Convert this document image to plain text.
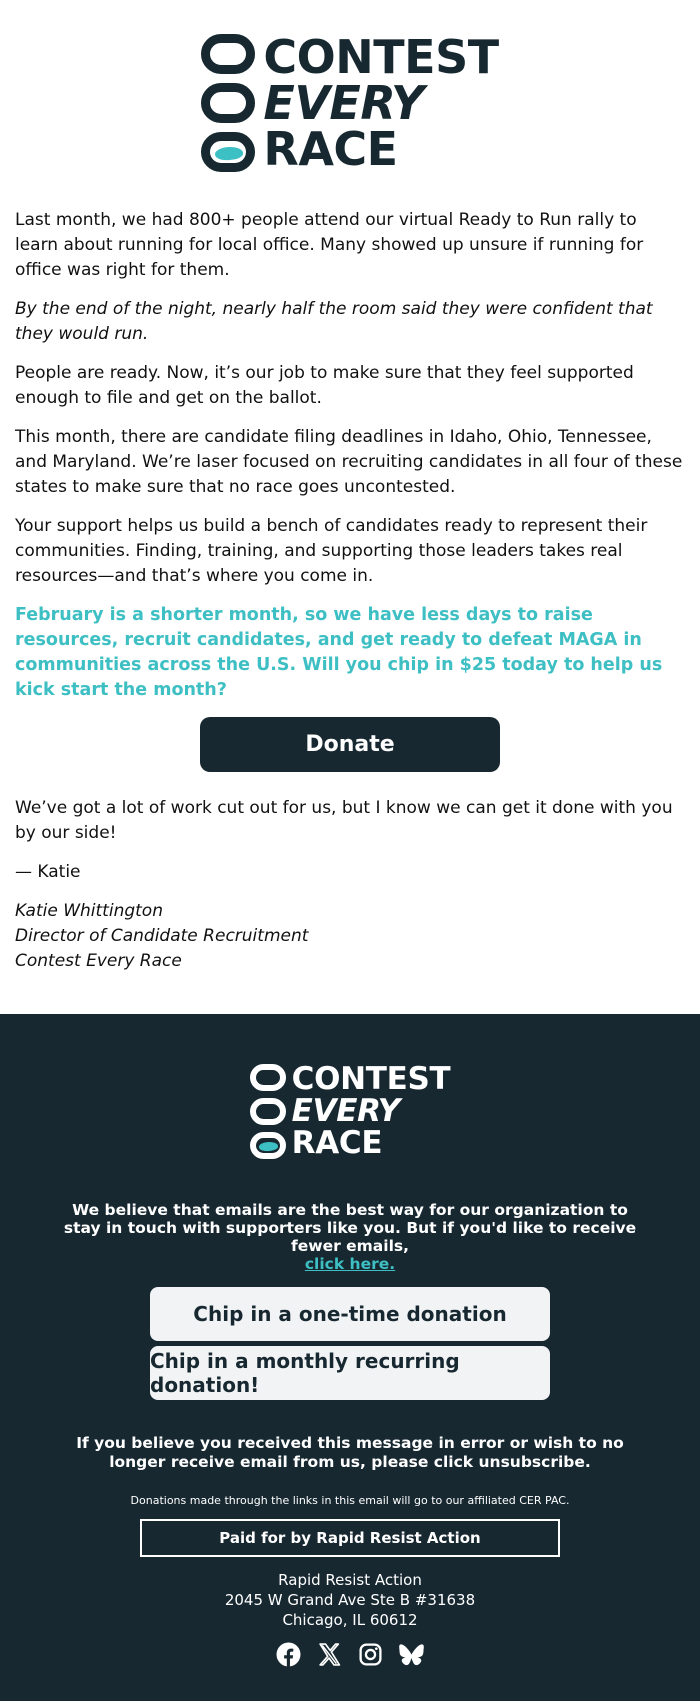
CONTEST
EVERY
RACE

Last month, we had 800+ people attend our virtual Ready to Run rally to learn about running for local office. Many showed up unsure if running for office was right for them.

By the end of the night, nearly half the room said they were confident that they would run.

People are ready. Now, it’s our job to make sure that they feel supported enough to file and get on the ballot.

This month, there are candidate filing deadlines in Idaho, Ohio, Tennessee, and Maryland. We’re laser focused on recruiting candidates in all four of these states to make sure that no race goes uncontested.

Your support helps us build a bench of candidates ready to represent their communities. Finding, training, and supporting those leaders takes real resources—and that’s where you come in.

February is a shorter month, so we have less days to raise resources, recruit candidates, and get ready to defeat MAGA in communities across the U.S. Will you chip in $25 today to help us kick start the month?

Donate

We’ve got a lot of work cut out for us, but I know we can get it done with you by our side!

— Katie

Katie Whittington
Director of Candidate Recruitment
Contest Every Race
CONTEST
EVERY
RACE
We believe that emails are the best way for our organization to stay in touch with supporters like you. But if you'd like to receive fewer emails,
click here.
Chip in a one-time donation
Chip in a monthly recurring donation!
If you believe you received this message in error or wish to no longer receive email from us, please click unsubscribe.
Donations made through the links in this email will go to our affiliated CER PAC.
Paid for by Rapid Resist Action
Rapid Resist Action
2045 W Grand Ave Ste B #31638
Chicago, IL 60612
